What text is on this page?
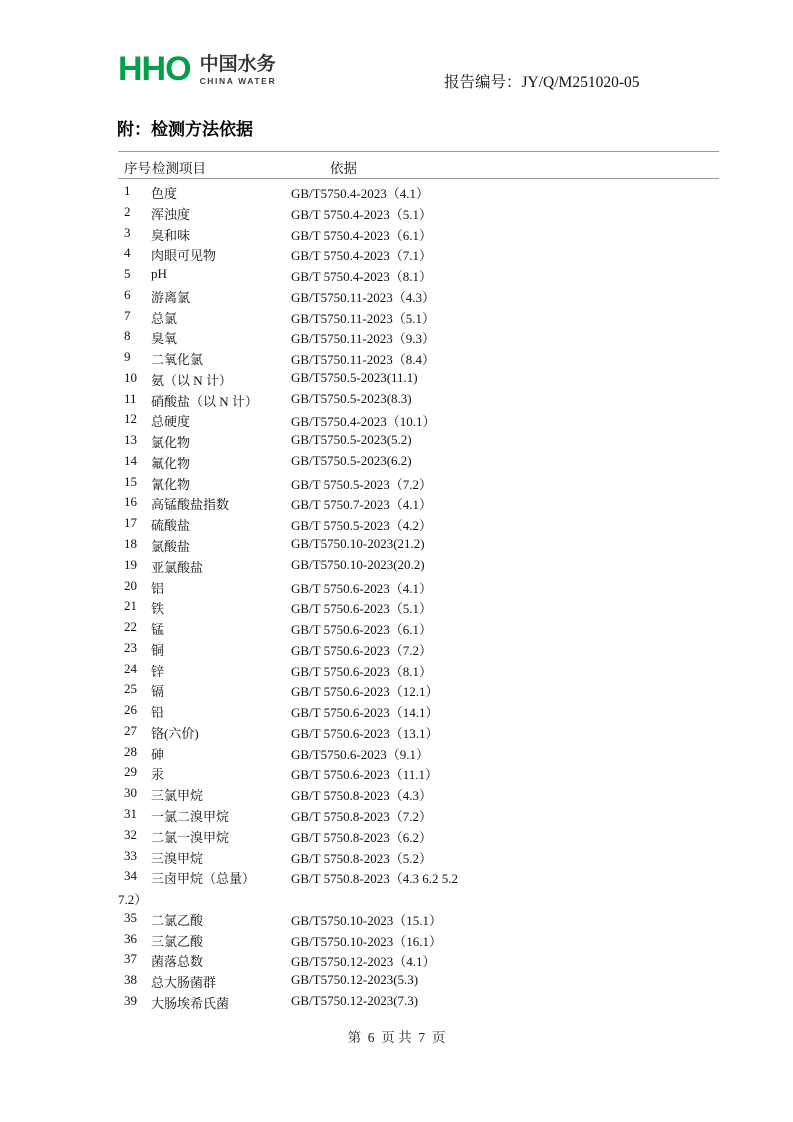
HHO 中国水务
CHINA WATER	报告编号：JY/Q/M251020-05
附：检测方法依据
序号 检测项目	依据
1 色度	GB/T5750.4-2023（4.1）
2 浑浊度	GB/T 5750.4-2023（5.1）
3 臭和味	GB/T 5750.4-2023（6.1）
4 肉眼可见物	GB/T 5750.4-2023（7.1）
5 pH	GB/T 5750.4-2023（8.1）
6 游离氯	GB/T5750.11-2023（4.3）
7 总氯	GB/T5750.11-2023（5.1）
8 臭氧	GB/T5750.11-2023（9.3）
9 二氧化氯	GB/T5750.11-2023（8.4）
10 氨（以 N 计）	GB/T5750.5-2023(11.1)
11 硝酸盐（以 N 计）	GB/T5750.5-2023(8.3)
12 总硬度	GB/T5750.4-2023（10.1）
13 氯化物	GB/T5750.5-2023(5.2)
14 氟化物	GB/T5750.5-2023(6.2)
15 氰化物	GB/T 5750.5-2023（7.2）
16 高锰酸盐指数	GB/T 5750.7-2023（4.1）
17 硫酸盐	GB/T 5750.5-2023（4.2）
18 氯酸盐	GB/T5750.10-2023(21.2)
19 亚氯酸盐	GB/T5750.10-2023(20.2)
20 铝	GB/T 5750.6-2023（4.1）
21 铁	GB/T 5750.6-2023（5.1）
22 锰	GB/T 5750.6-2023（6.1）
23 铜	GB/T 5750.6-2023（7.2）
24 锌	GB/T 5750.6-2023（8.1）
25 镉	GB/T 5750.6-2023（12.1）
26 铅	GB/T 5750.6-2023（14.1）
27 铬(六价)	GB/T 5750.6-2023（13.1）
28 砷	GB/T5750.6-2023（9.1）
29 汞	GB/T 5750.6-2023（11.1）
30 三氯甲烷	GB/T 5750.8-2023（4.3）
31 一氯二溴甲烷	GB/T 5750.8-2023（7.2）
32 二氯一溴甲烷	GB/T 5750.8-2023（6.2）
33 三溴甲烷	GB/T 5750.8-2023（5.2）
34 三卤甲烷（总量）	GB/T 5750.8-2023（4.3 6.2 5.2
7.2）
35 二氯乙酸	GB/T5750.10-2023（15.1）
36 三氯乙酸	GB/T5750.10-2023（16.1）
37 菌落总数	GB/T5750.12-2023（4.1）
38 总大肠菌群	GB/T5750.12-2023(5.3)
39 大肠埃希氏菌	GB/T5750.12-2023(7.3)
第  6  页 共  7  页
